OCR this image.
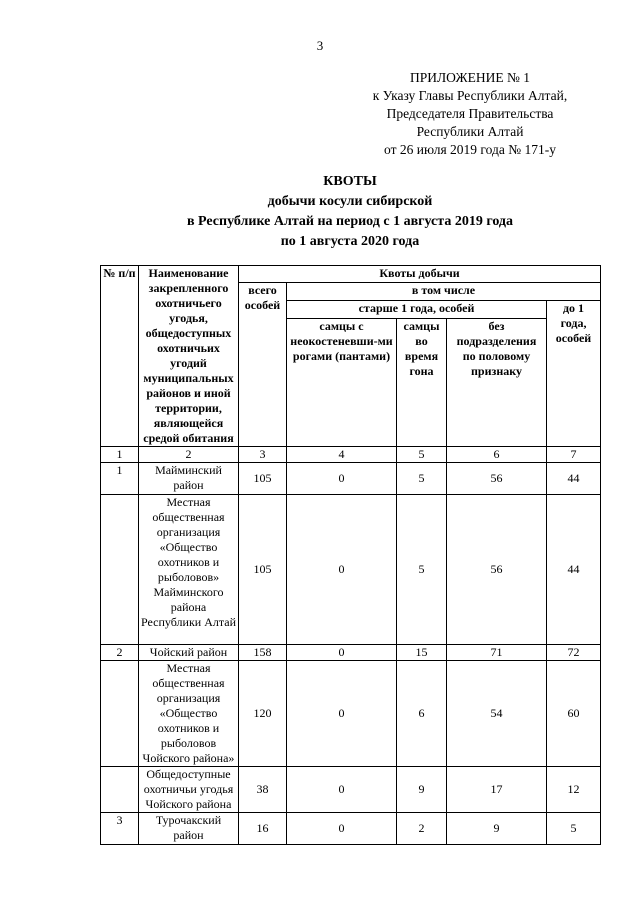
3
ПРИЛОЖЕНИЕ № 1
к Указу Главы Республики Алтай,
Председателя Правительства
Республики Алтай
от 26 июля 2019 года № 171-у
КВОТЫ
добычи косули сибирской
в Республике Алтай на период с 1 августа 2019 года
по 1 августа 2020 года
№ п/п	Наименование закрепленного охотничьего угодья, общедоступных охотничьих угодий муниципальных районов и иной территории, являющейся средой обитания	Квоты добычи				
		всего особей	в том числе			
			старше 1 года, особей			до 1 года, особей
			самцы с неокостеневши-ми рогами (пантами)	самцы во время гона	без подразделения по половому признаку	
1	2	3	4	5	6	7
1	Майминский район	105	0	5	56	44
	Местная общественная организация «Общество охотников и рыболовов» Майминского района Республики Алтай	105	0	5	56	44
2	Чойский район	158	0	15	71	72
	Местная общественная организация «Общество охотников и рыболовов Чойского района»	120	0	6	54	60
	Общедоступные охотничьи угодья Чойского района	38	0	9	17	12
3	Турочакский район	16	0	2	9	5
